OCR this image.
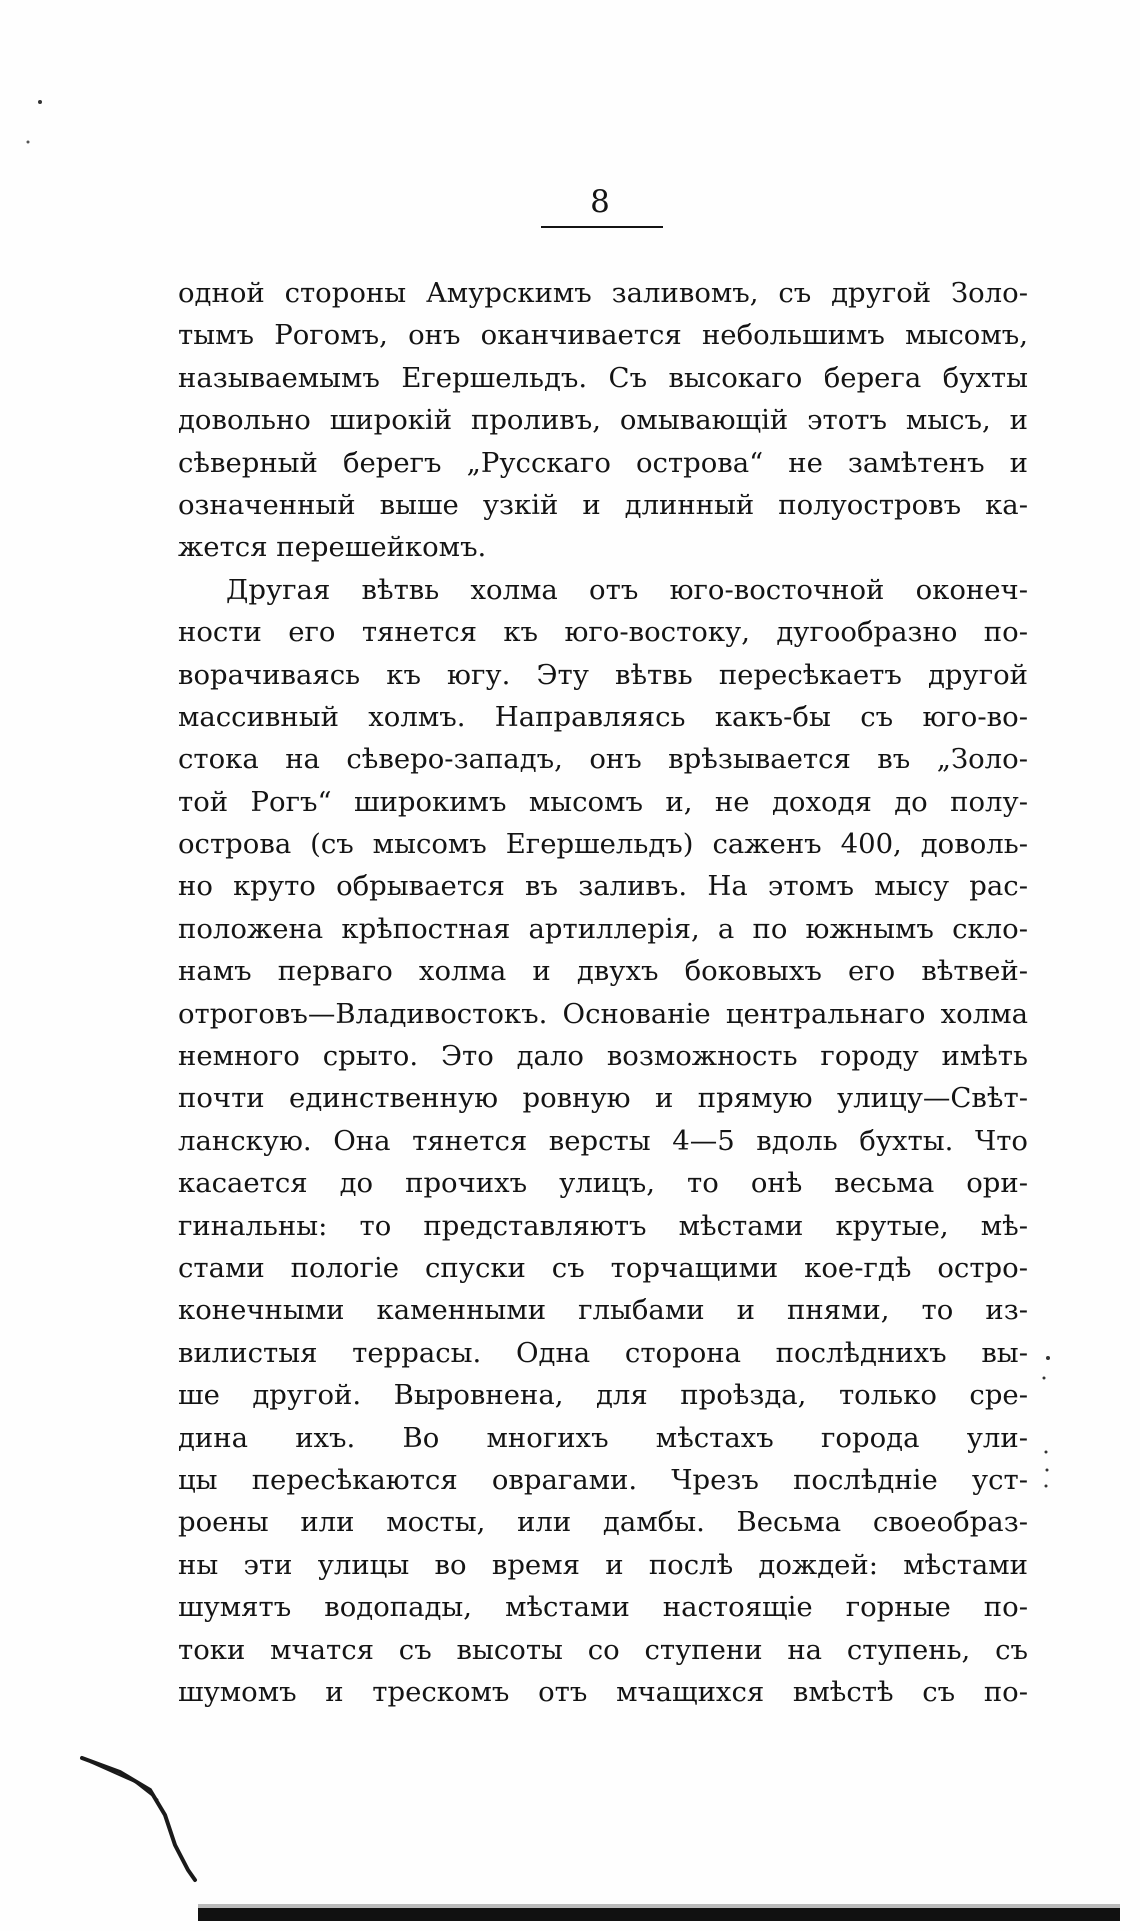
8
одной стороны Амурскимъ заливомъ, съ другой Золо-
тымъ Рогомъ, онъ оканчивается небольшимъ мысомъ,
называемымъ Егершельдъ. Съ высокаго берега бухты
довольно широкій проливъ, омывающій этотъ мысъ, и
сѣверный берегъ „Русскаго острова“ не замѣтенъ и
означенный выше узкій и длинный полуостровъ ка-
жется перешейкомъ.
Другая вѣтвь холма отъ юго-восточной оконеч-
ности его тянется къ юго-востоку, дугообразно по-
ворачиваясь къ югу. Эту вѣтвь пересѣкаетъ другой
массивный холмъ. Направляясь какъ-бы съ юго-во-
стока на сѣверо-западъ, онъ врѣзывается въ „Золо-
той Рогъ“ широкимъ мысомъ и, не доходя до полу-
острова (съ мысомъ Егершельдъ) саженъ 400, доволь-
но круто обрывается въ заливъ. На этомъ мысу рас-
положена крѣпостная артиллерія, а по южнымъ скло-
намъ перваго холма и двухъ боковыхъ его вѣтвей-
отроговъ—Владивостокъ. Основаніе центральнаго холма
немного срыто. Это дало возможность городу имѣть
почти единственную ровную и прямую улицу—Свѣт-
ланскую. Она тянется версты 4—5 вдоль бухты. Что
касается до прочихъ улицъ, то онѣ весьма ори-
гинальны: то представляютъ мѣстами крутые, мѣ-
стами пологіе спуски съ торчащими кое-гдѣ остро-
конечными каменными глыбами и пнями, то из-
вилистыя террасы. Одна сторона послѣднихъ вы-
ше другой. Выровнена, для проѣзда, только сре-
дина ихъ. Во многихъ мѣстахъ города ули-
цы пересѣкаются оврагами. Чрезъ послѣдніе уст-
роены или мосты, или дамбы. Весьма своеобраз-
ны эти улицы во время и послѣ дождей: мѣстами
шумятъ водопады, мѣстами настоящіе горные по-
токи мчатся съ высоты со ступени на ступень, съ
шумомъ и трескомъ отъ мчащихся вмѣстѣ съ по-
